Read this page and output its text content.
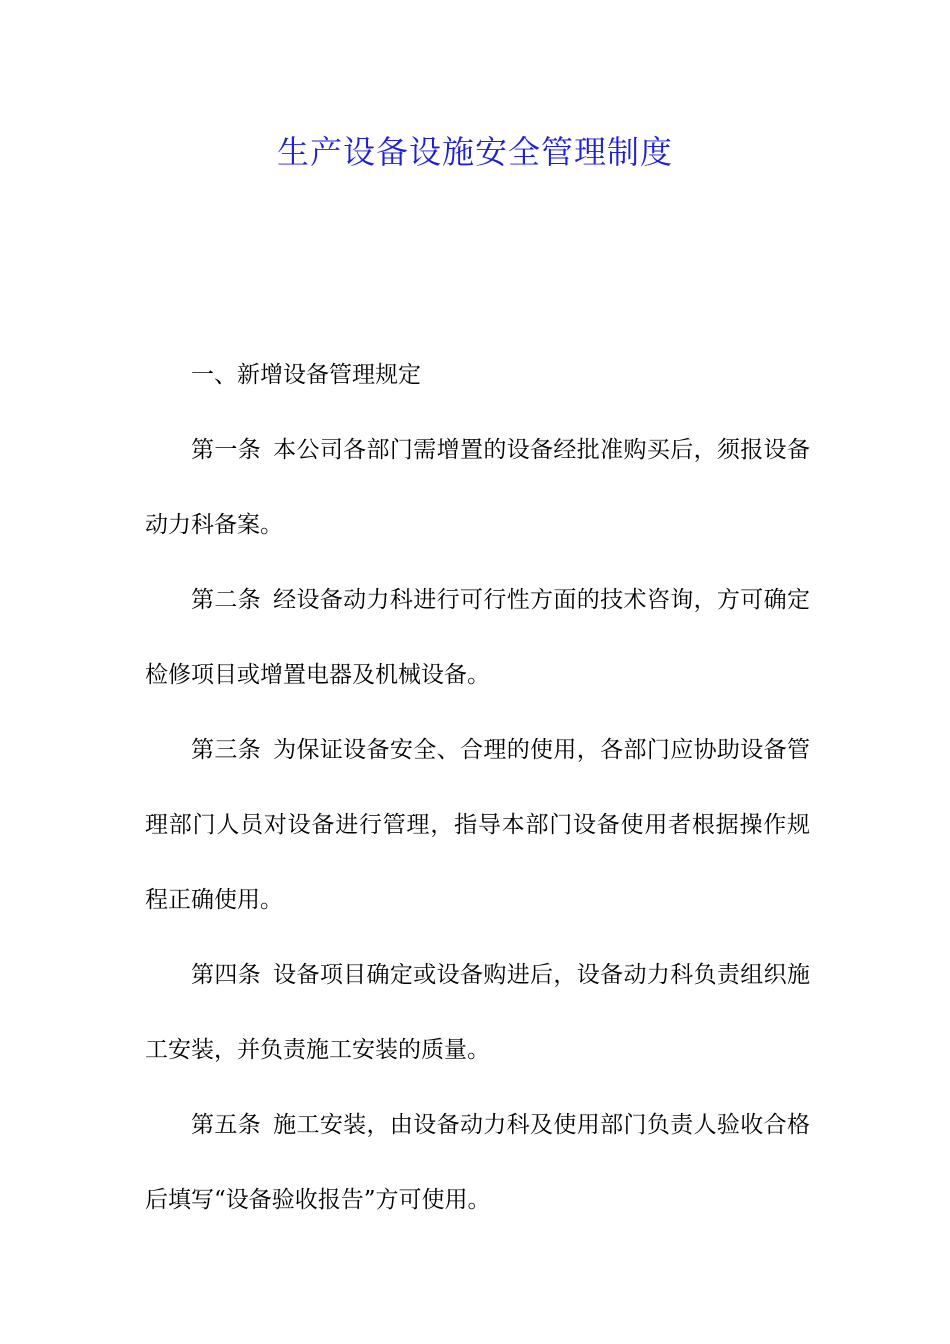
生产设备设施安全管理制度
一、新增设备管理规定

第一条 本公司各部门需增置的设备经批准购买后，须报设备动力科备案。

第二条 经设备动力科进行可行性方面的技术咨询，方可确定检修项目或增置电器及机械设备。

第三条 为保证设备安全、合理的使用，各部门应协助设备管理部门人员对设备进行管理，指导本部门设备使用者根据操作规程正确使用。

第四条 设备项目确定或设备购进后，设备动力科负责组织施工安装，并负责施工安装的质量。

第五条 施工安装，由设备动力科及使用部门负责人验收合格后填写“设备验收报告”方可使用。
